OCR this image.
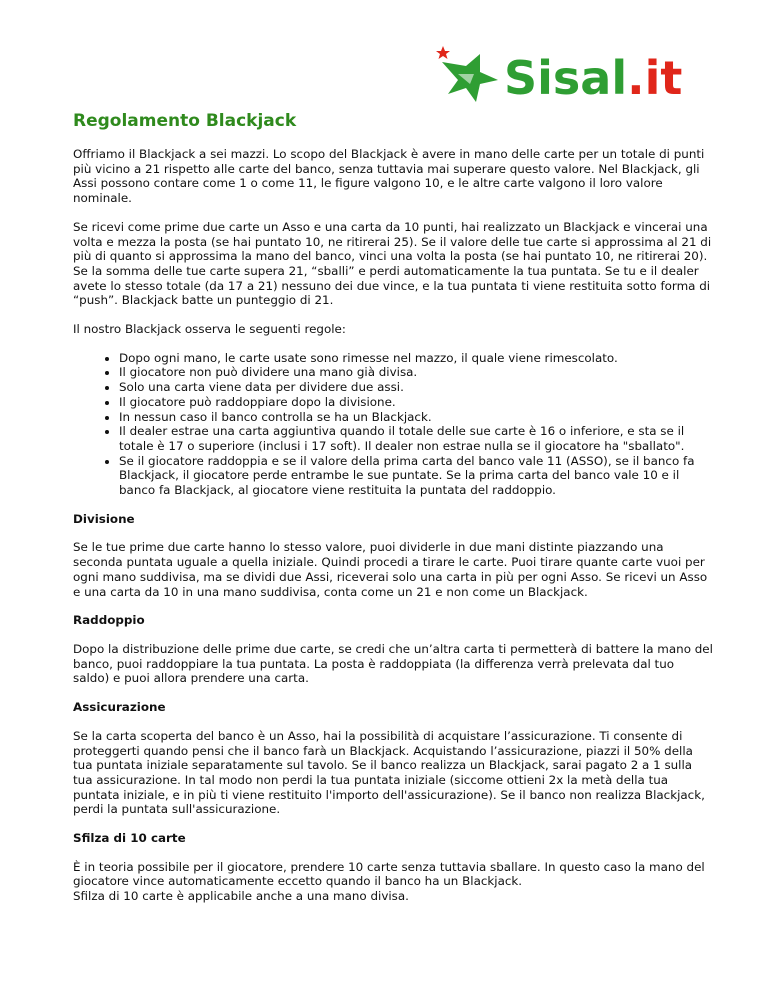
Sisal.it
Regolamento Blackjack

Offriamo il Blackjack a sei mazzi. Lo scopo del Blackjack è avere in mano delle carte per un totale di punti più vicino a 21 rispetto alle carte del banco, senza tuttavia mai superare questo valore. Nel Blackjack, gli Assi possono contare come 1 o come 11, le figure valgono 10, e le altre carte valgono il loro valore nominale.

Se ricevi come prime due carte un Asso e una carta da 10 punti, hai realizzato un Blackjack e vincerai una volta e mezza la posta (se hai puntato 10, ne ritirerai 25). Se il valore delle tue carte si approssima al 21 di più di quanto si approssima la mano del banco, vinci una volta la posta (se hai puntato 10, ne ritirerai 20). Se la somma delle tue carte supera 21, “sballi” e perdi automaticamente la tua puntata. Se tu e il dealer avete lo stesso totale (da 17 a 21) nessuno dei due vince, e la tua puntata ti viene restituita sotto forma di “push”. Blackjack batte un punteggio di 21.

Il nostro Blackjack osserva le seguenti regole:

• Dopo ogni mano, le carte usate sono rimesse nel mazzo, il quale viene rimescolato.
• Il giocatore non può dividere una mano già divisa.
• Solo una carta viene data per dividere due assi.
• Il giocatore può raddoppiare dopo la divisione.
• In nessun caso il banco controlla se ha un Blackjack.
• Il dealer estrae una carta aggiuntiva quando il totale delle sue carte è 16 o inferiore, e sta se il totale è 17 o superiore (inclusi i 17 soft). Il dealer non estrae nulla se il giocatore ha "sballato".
• Se il giocatore raddoppia e se il valore della prima carta del banco vale 11 (ASSO), se il banco fa Blackjack, il giocatore perde entrambe le sue puntate. Se la prima carta del banco vale 10 e il banco fa Blackjack, al giocatore viene restituita la puntata del raddoppio.
Divisione

Se le tue prime due carte hanno lo stesso valore, puoi dividerle in due mani distinte piazzando una seconda puntata uguale a quella iniziale. Quindi procedi a tirare le carte. Puoi tirare quante carte vuoi per ogni mano suddivisa, ma se dividi due Assi, riceverai solo una carta in più per ogni Asso. Se ricevi un Asso e una carta da 10 in una mano suddivisa, conta come un 21 e non come un Blackjack.

Raddoppio

Dopo la distribuzione delle prime due carte, se credi che un’altra carta ti permetterà di battere la mano del banco, puoi raddoppiare la tua puntata. La posta è raddoppiata (la differenza verrà prelevata dal tuo saldo) e puoi allora prendere una carta.

Assicurazione

Se la carta scoperta del banco è un Asso, hai la possibilità di acquistare l’assicurazione. Ti consente di proteggerti quando pensi che il banco farà un Blackjack. Acquistando l’assicurazione, piazzi il 50% della tua puntata iniziale separatamente sul tavolo. Se il banco realizza un Blackjack, sarai pagato 2 a 1 sulla tua assicurazione. In tal modo non perdi la tua puntata iniziale (siccome ottieni 2x la metà della tua puntata iniziale, e in più ti viene restituito l'importo dell'assicurazione). Se il banco non realizza Blackjack, perdi la puntata sull'assicurazione.

Sfilza di 10 carte

È in teoria possibile per il giocatore, prendere 10 carte senza tuttavia sballare. In questo caso la mano del giocatore vince automaticamente eccetto quando il banco ha un Blackjack.
Sfilza di 10 carte è applicabile anche a una mano divisa.
